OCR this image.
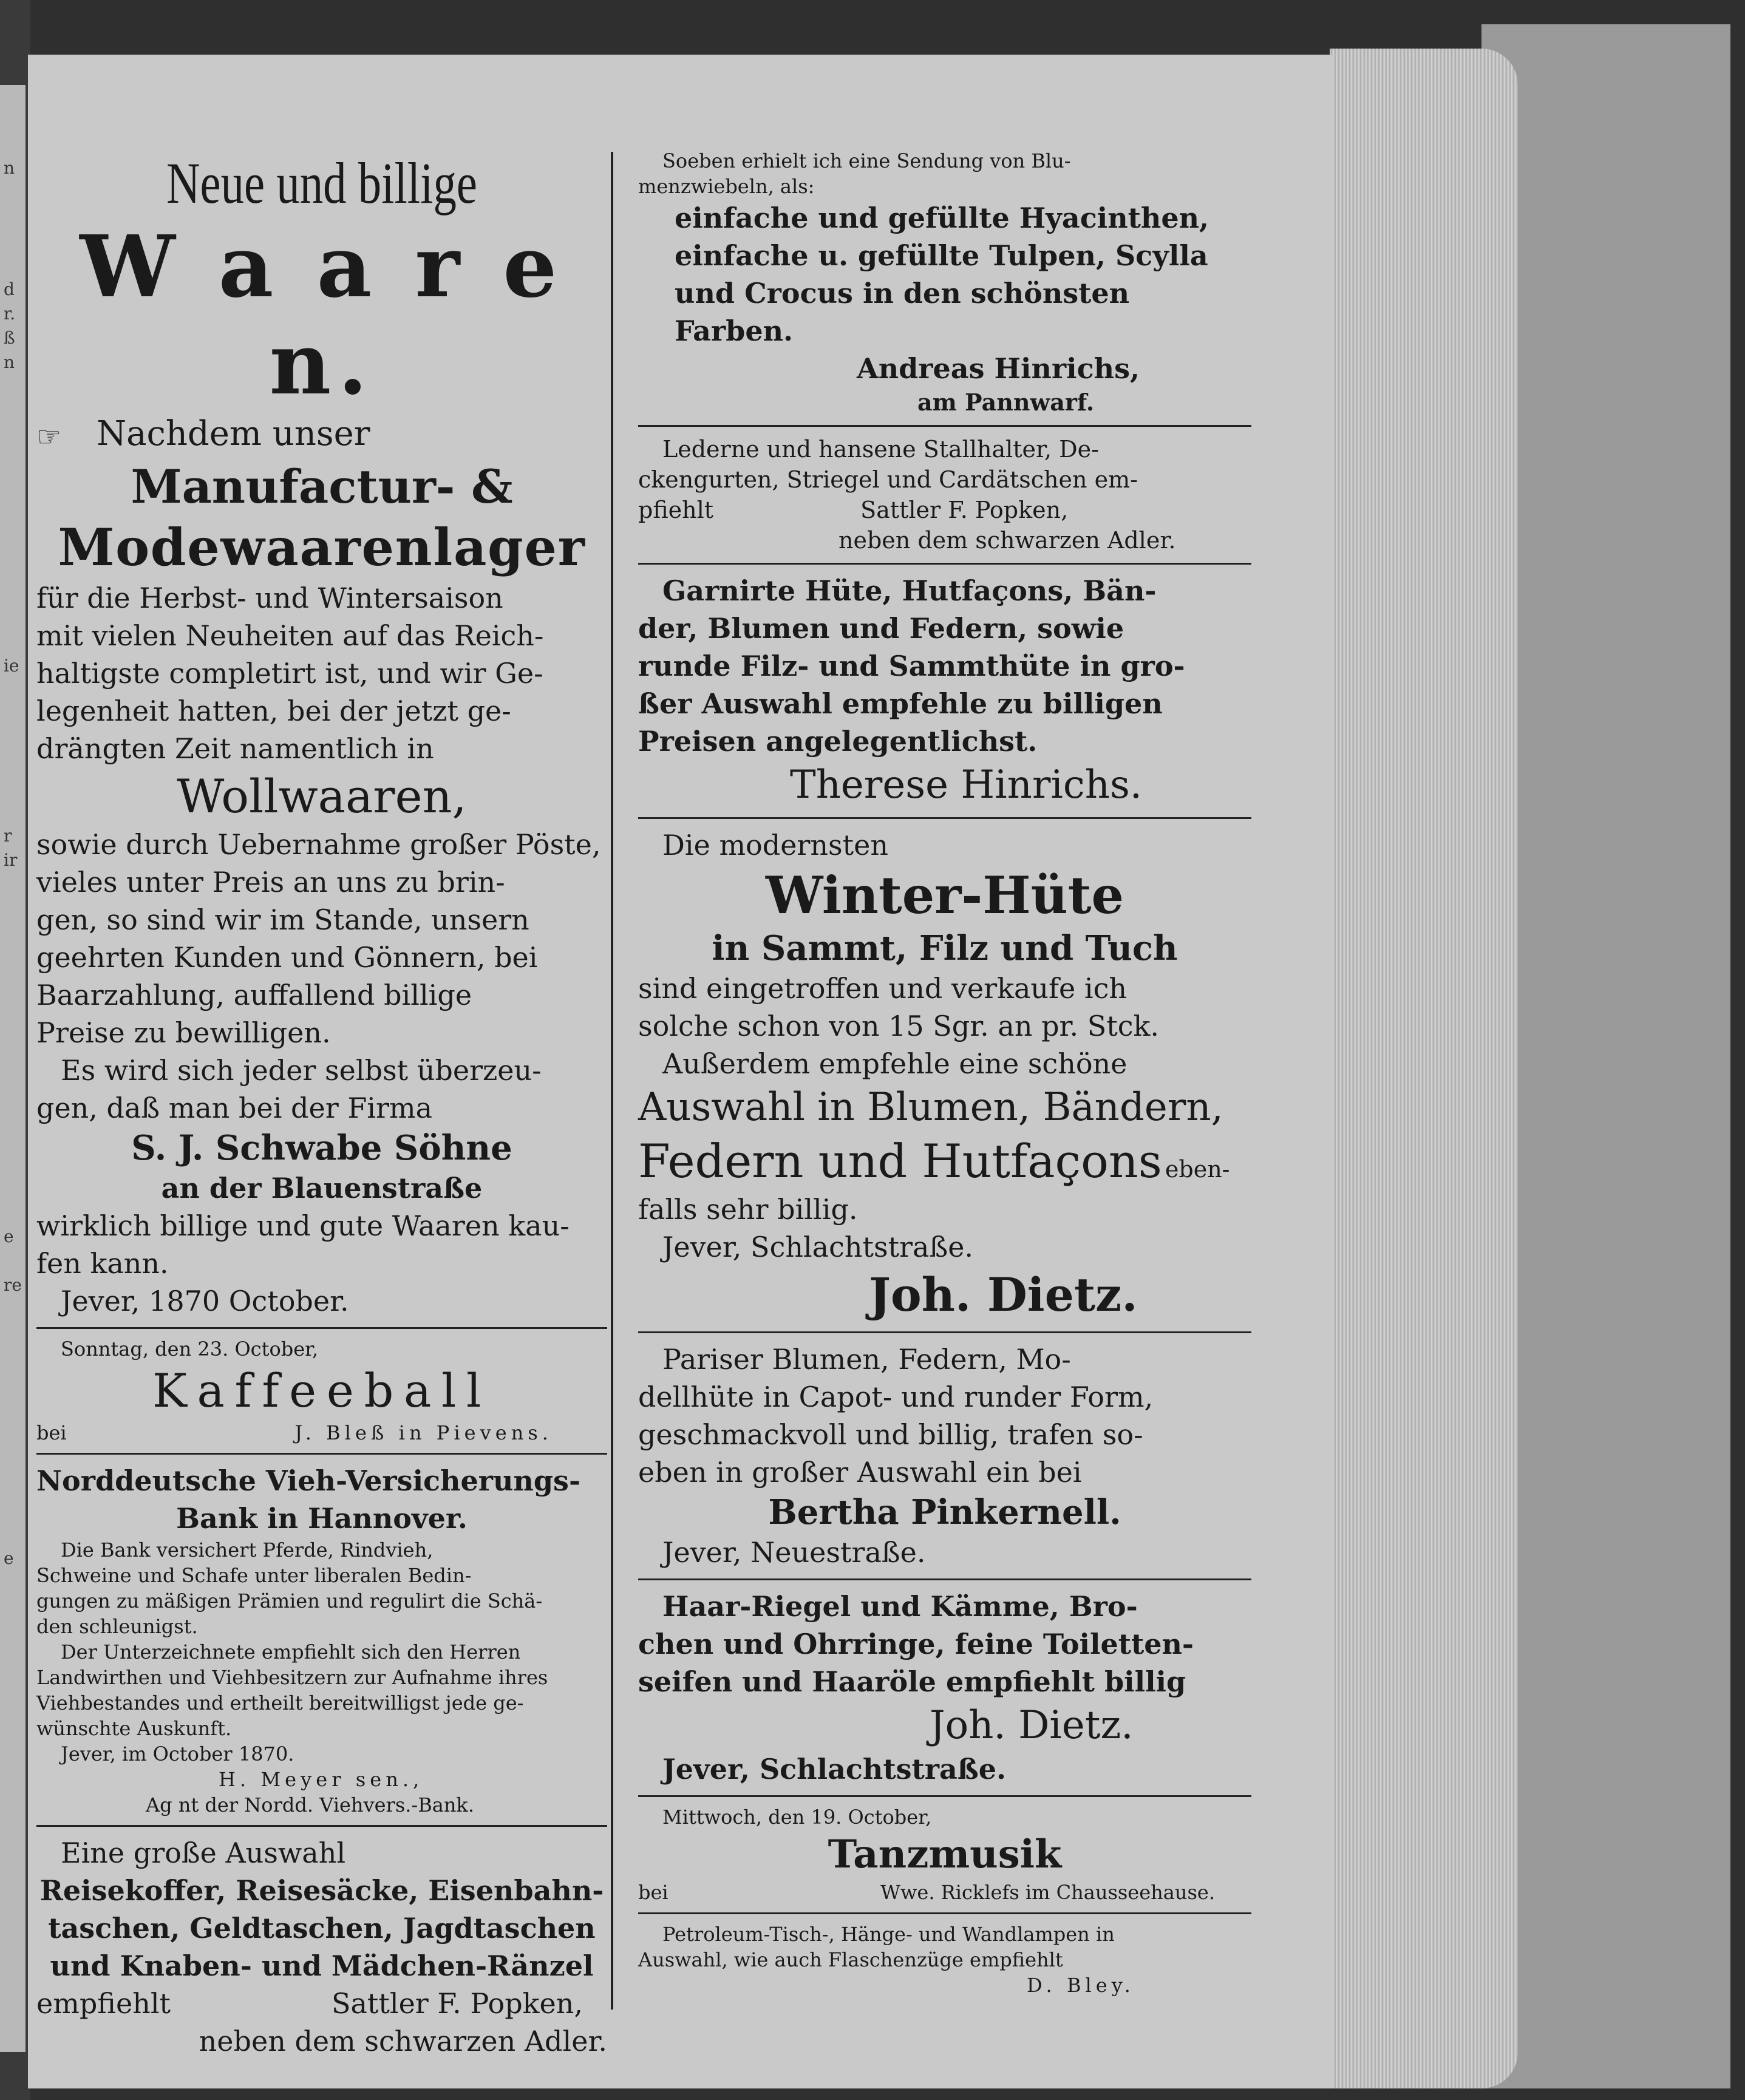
n
d
r.
ß
n
ie
r
ir
e
re
e
Neue und billige
W a a r e n.
☞ Nachdem unser
Manufactur- &
Modewaarenlager
für die Herbst- und Wintersaison
mit vielen Neuheiten auf das Reich-
haltigste completirt ist, und wir Ge-
legenheit hatten, bei der jetzt ge-
drängten Zeit namentlich in
Wollwaaren,
sowie durch Uebernahme großer Pöste,
vieles unter Preis an uns zu brin-
gen, so sind wir im Stande, unsern
geehrten Kunden und Gönnern, bei
Baarzahlung, auffallend billige
Preise zu bewilligen.
Es wird sich jeder selbst überzeu-
gen, daß man bei der Firma
S. J. Schwabe Söhne
an der Blauenstraße
wirklich billige und gute Waaren kau-
fen kann.
Jever, 1870 October.
Sonntag, den 23. October,
Kaffeeball
bei	J. Bleß in Pievens.
Norddeutsche Vieh-Versicherungs-
Bank in Hannover.
Die Bank versichert Pferde, Rindvieh,
Schweine und Schafe unter liberalen Bedin-
gungen zu mäßigen Prämien und regulirt die Schä-
den schleunigst.
Der Unterzeichnete empfiehlt sich den Herren
Landwirthen und Viehbesitzern zur Aufnahme ihres
Viehbestandes und ertheilt bereitwilligst jede ge-
wünschte Auskunft.
Jever, im October 1870.
H. Meyer sen.,
Ag nt der Nordd. Viehvers.-Bank.
Eine große Auswahl
Reisekoffer, Reisesäcke, Eisenbahn-
taschen, Geldtaschen, Jagdtaschen
und Knaben- und Mädchen-Ränzel
empfiehlt	Sattler F. Popken,
neben dem schwarzen Adler.
Soeben erhielt ich eine Sendung von Blu-
menzwiebeln, als:
einfache und gefüllte Hyacinthen,
einfache u. gefüllte Tulpen, Scylla
und Crocus in den schönsten Farben.
Andreas Hinrichs,
am Pannwarf.
Lederne und hansene Stallhalter, De-
ckengurten, Striegel und Cardätschen em-
pfiehlt	Sattler F. Popken,
neben dem schwarzen Adler.
Garnirte Hüte, Hutfaçons, Bän-
der, Blumen und Federn, sowie
runde Filz- und Sammthüte in gro-
ßer Auswahl empfehle zu billigen
Preisen angelegentlichst.
Therese Hinrichs.
Die modernsten
Winter-Hüte
in Sammt, Filz und Tuch
sind eingetroffen und verkaufe ich
solche schon von 15 Sgr. an pr. Stck.
Außerdem empfehle eine schöne
Auswahl in Blumen, Bändern,
Federn und Hutfaçons eben-
falls sehr billig.
Jever, Schlachtstraße.
Joh. Dietz.
Pariser Blumen, Federn, Mo-
dellhüte in Capot- und runder Form,
geschmackvoll und billig, trafen so-
eben in großer Auswahl ein bei
Bertha Pinkernell.
Jever, Neuestraße.
Haar-Riegel und Kämme, Bro-
chen und Ohrringe, feine Toiletten-
seifen und Haaröle empfiehlt billig
Joh. Dietz.
Jever, Schlachtstraße.
Mittwoch, den 19. October,
Tanzmusik
bei	Wwe. Ricklefs im Chausseehause.
Petroleum-Tisch-, Hänge- und Wandlampen in
Auswahl, wie auch Flaschenzüge empfiehlt
D. Bley.
